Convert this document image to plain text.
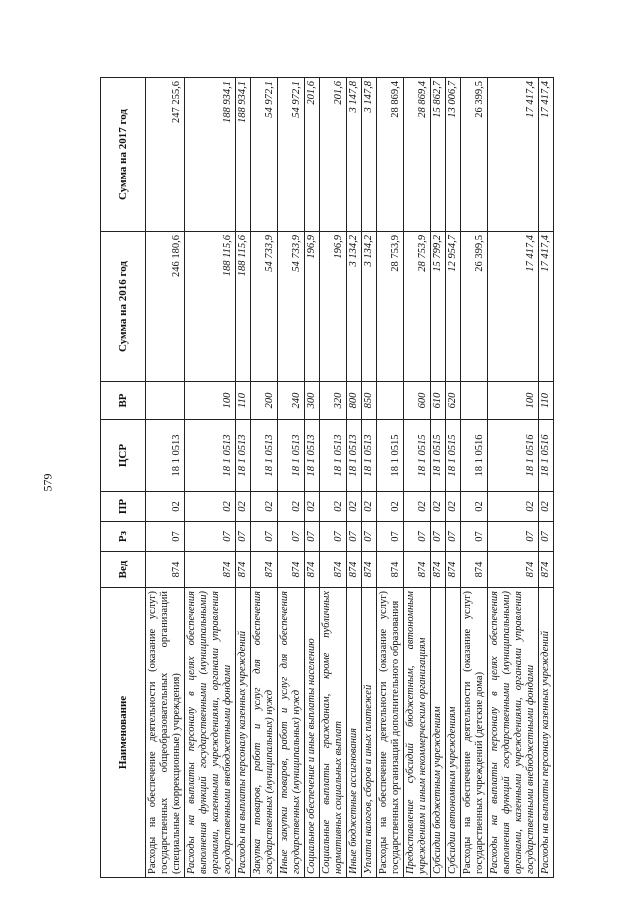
579
Наименование	Вед	Рз	ПР	ЦСР	ВР	Сумма на 2016 год	Сумма на 2017 год
Расходы на обеспечение деятельности (оказание услуг) государственных общеобразовательных организаций (специальные (коррекционные) учреждения)	874	07	02	18 1 0513		246 180,6	247 255,6
Расходы на выплаты персоналу в целях обеспечения выполнения функций государственными (муниципальными) органами, казенными учреждениями, органами управления государственными внебюджетными фондами	874	07	02	18 1 0513	100	188 115,6	188 934,1
Расходы на выплаты персоналу казенных учреждений	874	07	02	18 1 0513	110	188 115,6	188 934,1
Закупка товаров, работ и услуг для обеспечения государственных (муниципальных) нужд	874	07	02	18 1 0513	200	54 733,9	54 972,1
Иные закупки товаров, работ и услуг для обеспечения государственных (муниципальных) нужд	874	07	02	18 1 0513	240	54 733,9	54 972,1
Социальное обеспечение и иные выплаты населению	874	07	02	18 1 0513	300	196,9	201,6
Социальные выплаты гражданам, кроме публичных нормативных социальных выплат	874	07	02	18 1 0513	320	196,9	201,6
Иные бюджетные ассигнования	874	07	02	18 1 0513	800	3 134,2	3 147,8
Уплата налогов, сборов и иных платежей	874	07	02	18 1 0513	850	3 134,2	3 147,8
Расходы на обеспечение деятельности (оказание услуг) государственных организаций дополнительного образования	874	07	02	18 1 0515		28 753,9	28 869,4
Предоставление субсидий бюджетным, автономным учреждениям и иным некоммерческим организациям	874	07	02	18 1 0515	600	28 753,9	28 869,4
Субсидии бюджетным учреждениям	874	07	02	18 1 0515	610	15 799,2	15 862,7
Субсидии автономным учреждениям	874	07	02	18 1 0515	620	12 954,7	13 006,7
Расходы на обеспечение деятельности (оказание услуг) государственных учреждений (детские дома)	874	07	02	18 1 0516		26 399,5	26 399,5
Расходы на выплаты персоналу в целях обеспечения выполнения функций государственными (муниципальными) органами, казенными учреждениями, органами управления государственными внебюджетными фондами	874	07	02	18 1 0516	100	17 417,4	17 417,4
Расходы на выплаты персоналу казенных учреждений	874	07	02	18 1 0516	110	17 417,4	17 417,4
